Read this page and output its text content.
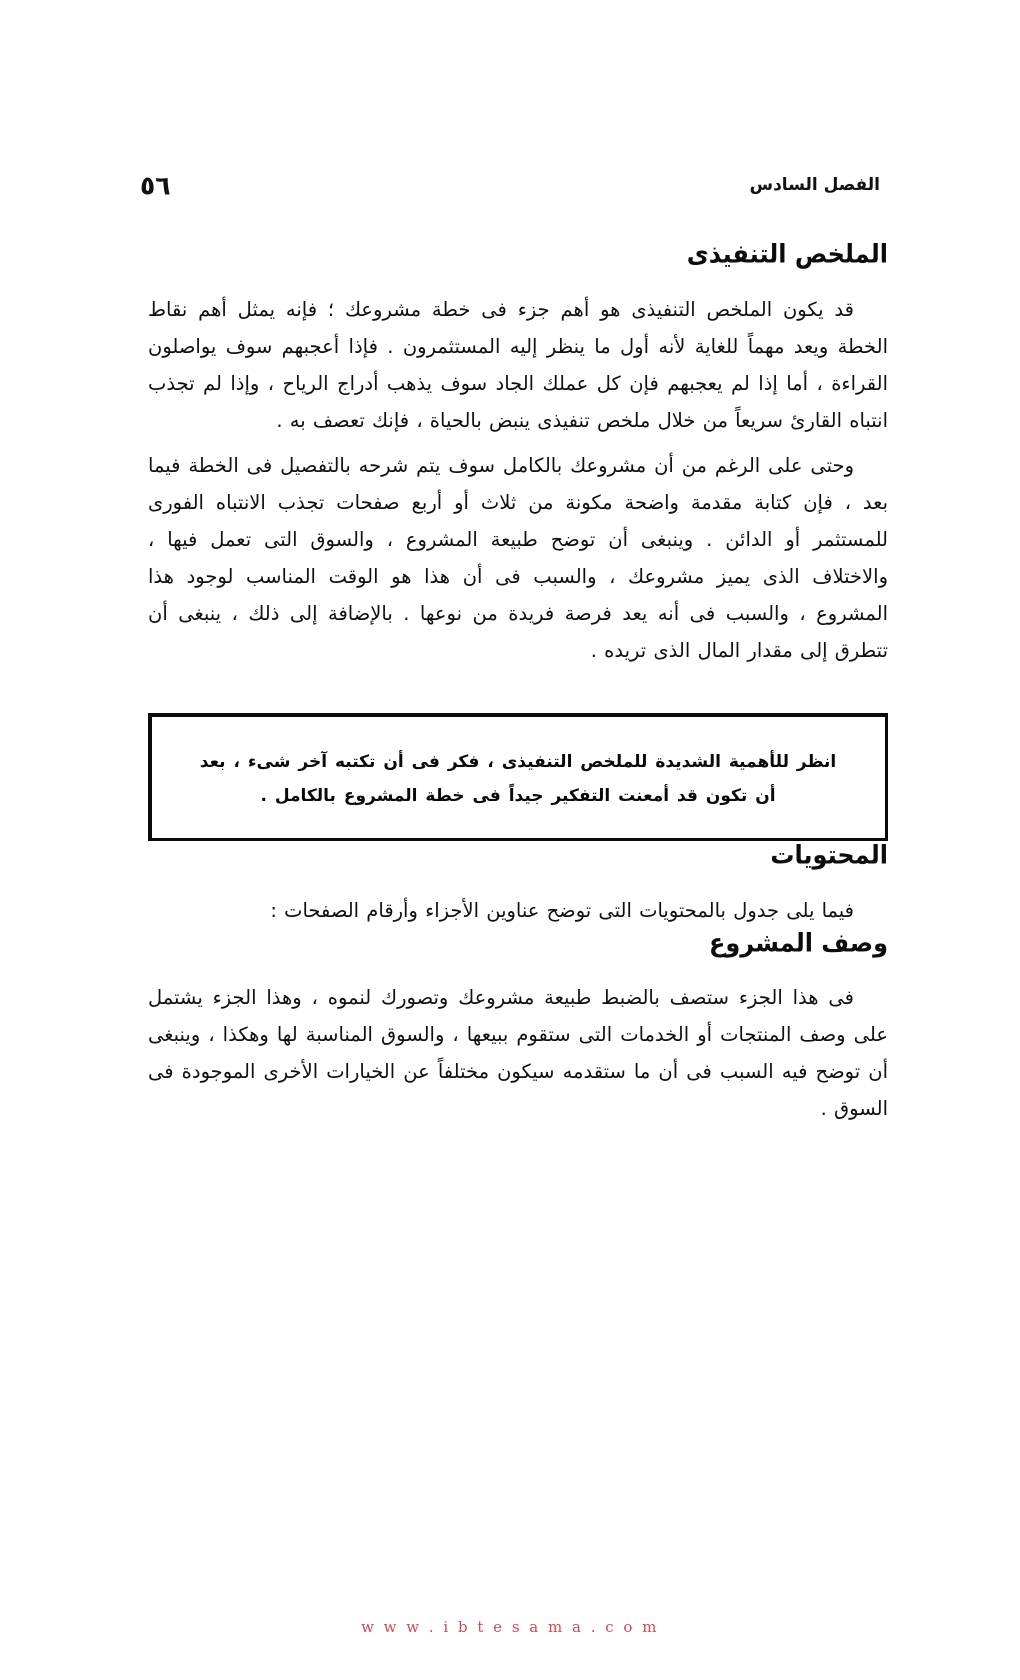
٥٦	الفصل السادس
الملخص التنفيذى

قد يكون الملخص التنفيذى هو أهم جزء فى خطة مشروعك ؛ فإنه يمثل أهم نقاط الخطة ويعد مهماً للغاية لأنه أول ما ينظر إليه المستثمرون . فإذا أعجبهم سوف يواصلون القراءة ، أما إذا لم يعجبهم فإن كل عملك الجاد سوف يذهب أدراج الرياح ، وإذا لم تجذب انتباه القارئ سريعاً من خلال ملخص تنفيذى ينبض بالحياة ، فإنك تعصف به .

وحتى على الرغم من أن مشروعك بالكامل سوف يتم شرحه بالتفصيل فى الخطة فيما بعد ، فإن كتابة مقدمة واضحة مكونة من ثلاث أو أربع صفحات تجذب الانتباه الفورى للمستثمر أو الدائن . وينبغى أن توضح طبيعة المشروع ، والسوق التى تعمل فيها ، والاختلاف الذى يميز مشروعك ، والسبب فى أن هذا هو الوقت المناسب لوجود هذا المشروع ، والسبب فى أنه يعد فرصة فريدة من نوعها . بالإضافة إلى ذلك ، ينبغى أن تتطرق إلى مقدار المال الذى تريده .

انظر للأهمية الشديدة للملخص التنفيذى ، فكر فى أن تكتبه آخر شىء ، بعد

أن تكون قد أمعنت التفكير جيداً فى خطة المشروع بالكامل .

المحتويات

فيما يلى جدول بالمحتويات التى توضح عناوين الأجزاء وأرقام الصفحات :

وصف المشروع

فى هذا الجزء ستصف بالضبط طبيعة مشروعك وتصورك لنموه ، وهذا الجزء يشتمل على وصف المنتجات أو الخدمات التى ستقوم ببيعها ، والسوق المناسبة لها وهكذا ، وينبغى أن توضح فيه السبب فى أن ما ستقدمه سيكون مختلفاً عن الخيارات الأخرى الموجودة فى السوق .

w w w . i b t e s a m a . c o m
